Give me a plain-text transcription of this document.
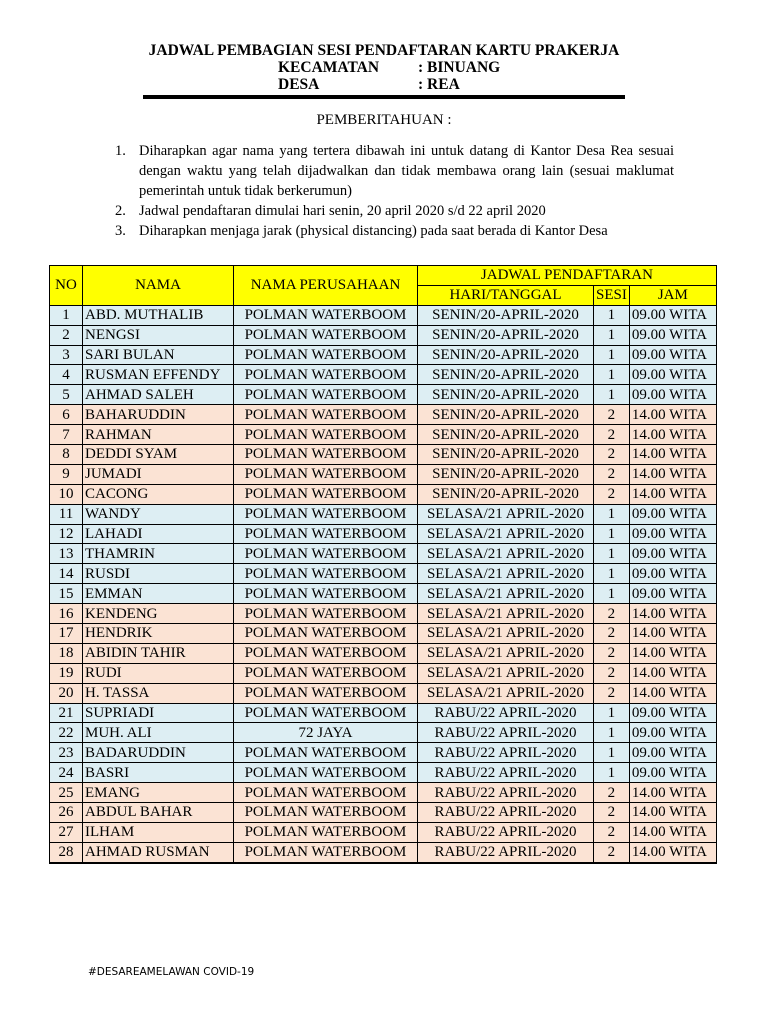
JADWAL PEMBAGIAN SESI PENDAFTARAN KARTU PRAKERJA
KECAMATAN	: BINUANG
DESA	: REA
PEMBERITAHUAN :
1. Diharapkan agar nama yang tertera dibawah ini untuk datang di Kantor Desa Rea sesuai dengan waktu yang telah dijadwalkan dan tidak membawa orang lain (sesuai maklumat pemerintah untuk tidak berkerumun)
2. Jadwal pendaftaran dimulai hari senin, 20 april 2020 s/d 22 april 2020
3. Diharapkan menjaga jarak (physical distancing) pada saat berada di Kantor Desa
NO	NAMA	NAMA PERUSAHAAN	JADWAL PENDAFTARAN		
			HARI/TANGGAL	SESI	JAM
1	ABD. MUTHALIB	POLMAN WATERBOOM	SENIN/20-APRIL-2020	1	09.00 WITA
2	NENGSI	POLMAN WATERBOOM	SENIN/20-APRIL-2020	1	09.00 WITA
3	SARI BULAN	POLMAN WATERBOOM	SENIN/20-APRIL-2020	1	09.00 WITA
4	RUSMAN EFFENDY	POLMAN WATERBOOM	SENIN/20-APRIL-2020	1	09.00 WITA
5	AHMAD SALEH	POLMAN WATERBOOM	SENIN/20-APRIL-2020	1	09.00 WITA
6	BAHARUDDIN	POLMAN WATERBOOM	SENIN/20-APRIL-2020	2	14.00 WITA
7	RAHMAN	POLMAN WATERBOOM	SENIN/20-APRIL-2020	2	14.00 WITA
8	DEDDI SYAM	POLMAN WATERBOOM	SENIN/20-APRIL-2020	2	14.00 WITA
9	JUMADI	POLMAN WATERBOOM	SENIN/20-APRIL-2020	2	14.00 WITA
10	CACONG	POLMAN WATERBOOM	SENIN/20-APRIL-2020	2	14.00 WITA
11	WANDY	POLMAN WATERBOOM	SELASA/21 APRIL-2020	1	09.00 WITA
12	LAHADI	POLMAN WATERBOOM	SELASA/21 APRIL-2020	1	09.00 WITA
13	THAMRIN	POLMAN WATERBOOM	SELASA/21 APRIL-2020	1	09.00 WITA
14	RUSDI	POLMAN WATERBOOM	SELASA/21 APRIL-2020	1	09.00 WITA
15	EMMAN	POLMAN WATERBOOM	SELASA/21 APRIL-2020	1	09.00 WITA
16	KENDENG	POLMAN WATERBOOM	SELASA/21 APRIL-2020	2	14.00 WITA
17	HENDRIK	POLMAN WATERBOOM	SELASA/21 APRIL-2020	2	14.00 WITA
18	ABIDIN TAHIR	POLMAN WATERBOOM	SELASA/21 APRIL-2020	2	14.00 WITA
19	RUDI	POLMAN WATERBOOM	SELASA/21 APRIL-2020	2	14.00 WITA
20	H. TASSA	POLMAN WATERBOOM	SELASA/21 APRIL-2020	2	14.00 WITA
21	SUPRIADI	POLMAN WATERBOOM	RABU/22 APRIL-2020	1	09.00 WITA
22	MUH. ALI	72 JAYA	RABU/22 APRIL-2020	1	09.00 WITA
23	BADARUDDIN	POLMAN WATERBOOM	RABU/22 APRIL-2020	1	09.00 WITA
24	BASRI	POLMAN WATERBOOM	RABU/22 APRIL-2020	1	09.00 WITA
25	EMANG	POLMAN WATERBOOM	RABU/22 APRIL-2020	2	14.00 WITA
26	ABDUL BAHAR	POLMAN WATERBOOM	RABU/22 APRIL-2020	2	14.00 WITA
27	ILHAM	POLMAN WATERBOOM	RABU/22 APRIL-2020	2	14.00 WITA
28	AHMAD RUSMAN	POLMAN WATERBOOM	RABU/22 APRIL-2020	2	14.00 WITA
#DESAREAMELAWAN COVID-19
